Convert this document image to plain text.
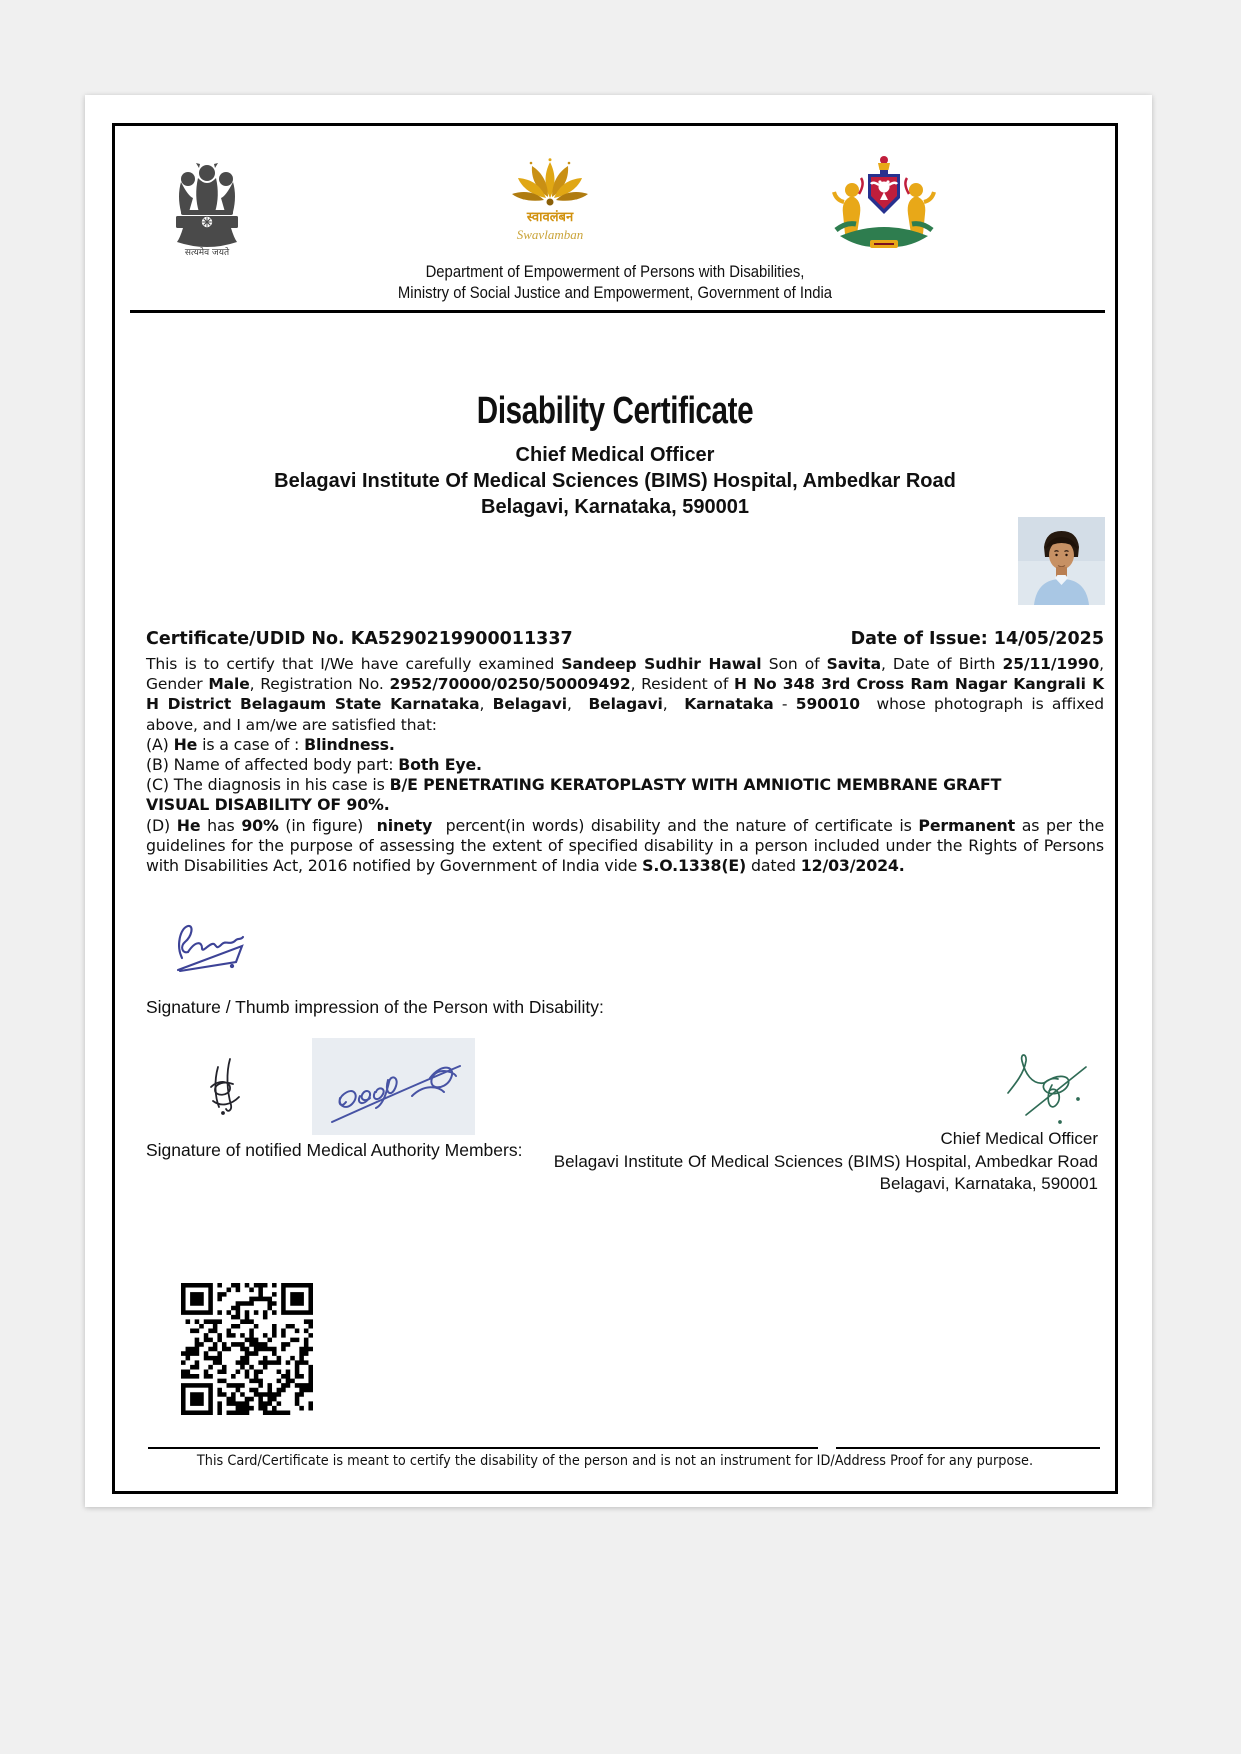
सत्यमेव जयते
स्वावलंबन
Swavlamban
Department of Empowerment of Persons with Disabilities,
Ministry of Social Justice and Empowerment, Government of India
Disability Certificate
Chief Medical Officer
Belagavi Institute Of Medical Sciences (BIMS) Hospital, Ambedkar Road
Belagavi, Karnataka, 590001
Certificate/UDID No. KA5290219900011337	Date of Issue: 14/05/2025

This is to certify that I/We have carefully examined Sandeep Sudhir Hawal Son of Savita, Date of Birth 25/11/1990, Gender Male, Registration No. 2952/70000/0250/50009492, Resident of H No 348 3rd Cross Ram Nagar Kangrali K H District Belagaum State Karnataka, Belagavi,  Belagavi,  Karnataka - 590010  whose photograph is affixed above, and I am/we are satisfied that:

(A) He is a case of : Blindness.

(B) Name of affected body part: Both Eye.

(C) The diagnosis in his case is B/E PENETRATING KERATOPLASTY WITH AMNIOTIC MEMBRANE GRAFT
VISUAL DISABILITY OF 90%.

(D) He has 90% (in figure)  ninety  percent(in words) disability and the nature of certificate is Permanent as per the guidelines for the purpose of assessing the extent of specified disability in a person included under the Rights of Persons with Disabilities Act, 2016 notified by Government of India vide S.O.1338(E) dated 12/03/2024.

Signature / Thumb impression of the Person with Disability:
Signature of notified Medical Authority Members:
Chief Medical Officer
Belagavi Institute Of Medical Sciences (BIMS) Hospital, Ambedkar Road
Belagavi, Karnataka, 590001
This Card/Certificate is meant to certify the disability of the person and is not an instrument for ID/Address Proof for any purpose.
